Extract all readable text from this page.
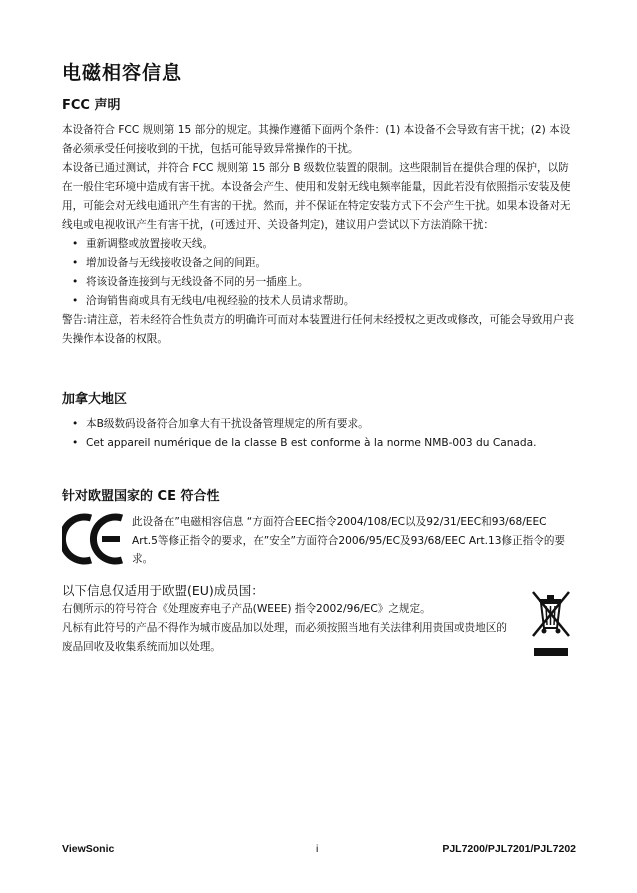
电磁相容信息
FCC 声明

本设备符合 FCC 规则第 15 部分的规定。其操作遵循下面两个条件：(1) 本设备不会导致有害干扰；(2) 本设备必须承受任何接收到的干扰，包括可能导致异常操作的干扰。

本设备已通过测试，并符合 FCC 规则第 15 部分 B 级数位装置的限制。这些限制旨在提供合理的保护，以防在一般住宅环境中造成有害干扰。本设备会产生、使用和发射无线电频率能量，因此若没有依照指示安装及使用，可能会对无线电通讯产生有害的干扰。然而，并不保证在特定安装方式下不会产生干扰。如果本设备对无线电或电视收讯产生有害干扰，(可透过开、关设备判定)，建议用户尝试以下方法消除干扰：

• 重新调整或放置接收天线。
• 增加设备与无线接收设备之间的间距。
• 将该设备连接到与无线设备不同的另一插座上。
• 洽询销售商或具有无线电/电视经验的技术人员请求帮助。

警告:请注意，若未经符合性负责方的明确许可而对本装置进行任何未经授权之更改或修改，可能会导致用户丧失操作本设备的权限。

加拿大地区
• 本B级数码设备符合加拿大有干扰设备管理规定的所有要求。
• Cet appareil numérique de la classe B est conforme à la norme NMB-003 du Canada.
针对欧盟国家的 CE 符合性

此设备在”电磁相容信息 “方面符合EEC指令2004/108/EC以及92/31/EEC和93/68/EEC Art.5等修正指令的要求，在”安全”方面符合2006/95/EC及93/68/EEC Art.13修正指令的要求。

以下信息仅适用于欧盟(EU)成员国：

右侧所示的符号符合《处理废弃电子产品(WEEE) 指令2002/96/EC》之规定。

凡标有此符号的产品不得作为城市废品加以处理，而必须按照当地有关法律利用贵国或贵地区的废品回收及收集系统而加以处理。

ViewSonic	i	PJL7200/PJL7201/PJL7202
